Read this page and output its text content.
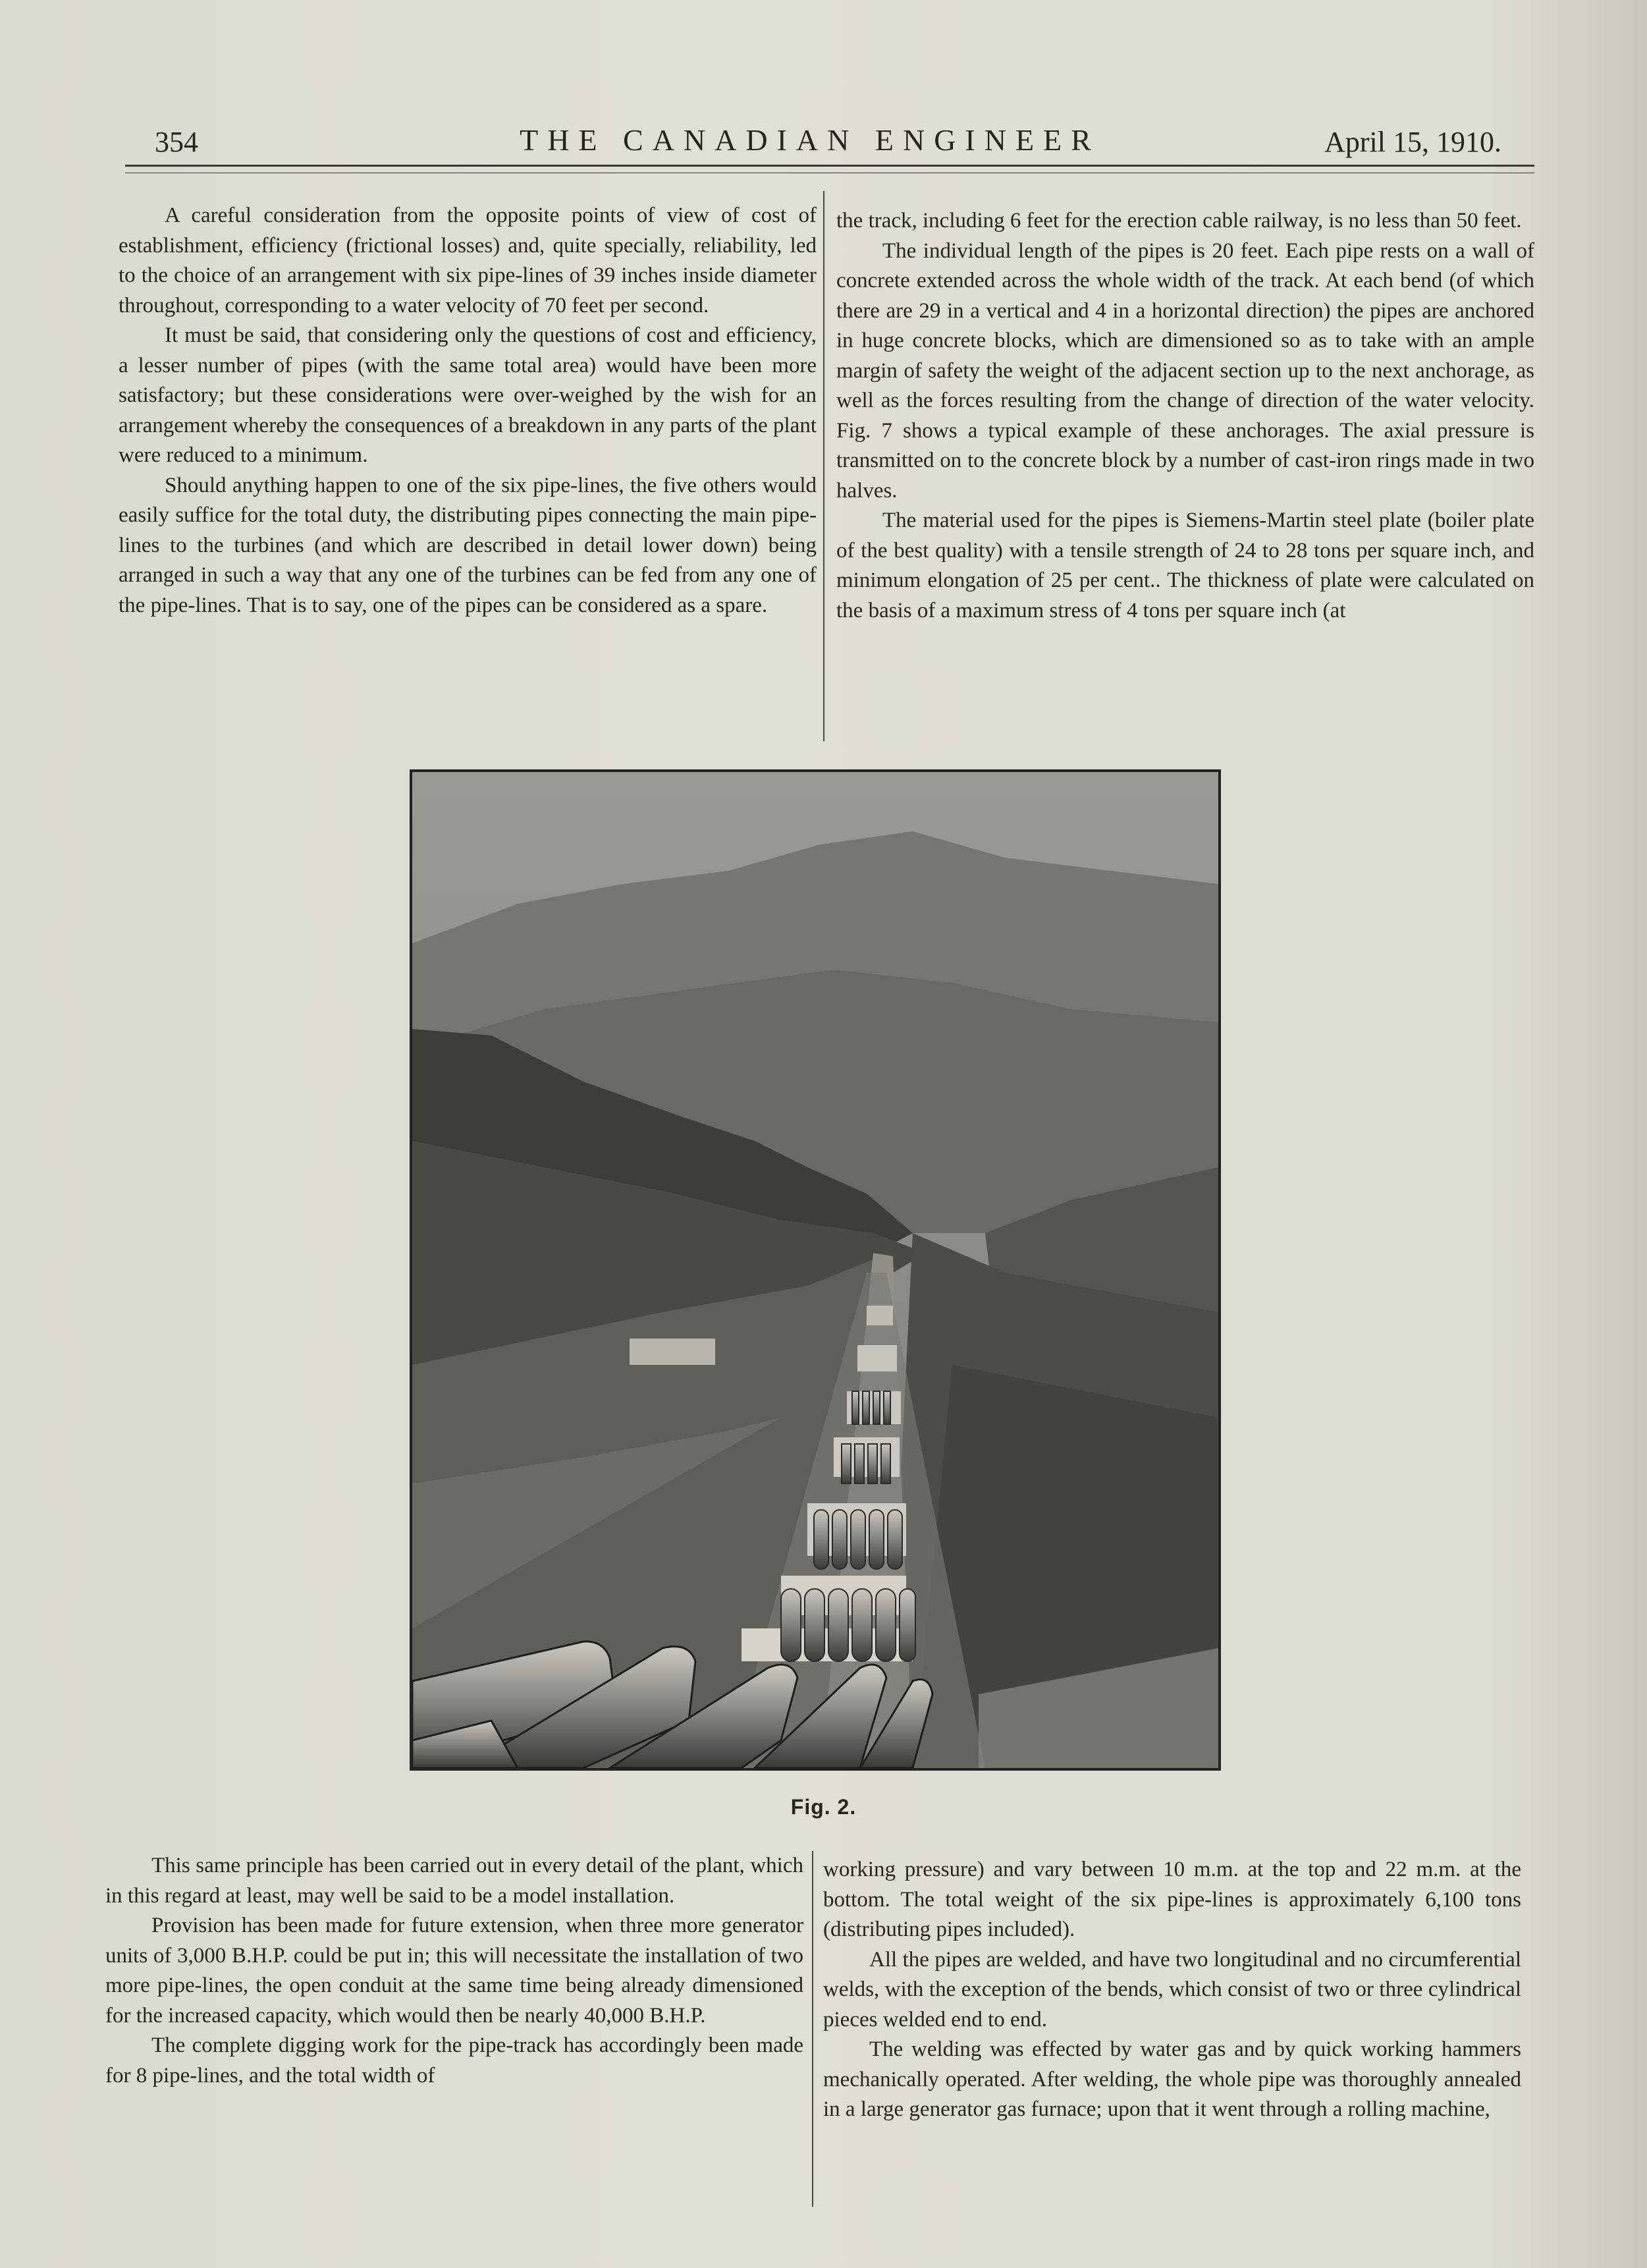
354	THE CANADIAN ENGINEER	April 15, 1910.

A careful consideration from the opposite points of view of cost of establishment, efficiency (frictional losses) and, quite specially, reliability, led to the choice of an arrangement with six pipe-lines of 39 inches inside diameter throughout, corresponding to a water velocity of 70 feet per second.

It must be said, that considering only the questions of cost and efficiency, a lesser number of pipes (with the same total area) would have been more satisfactory; but these considerations were over-weighed by the wish for an arrangement whereby the consequences of a breakdown in any parts of the plant were reduced to a minimum.

Should anything happen to one of the six pipe-lines, the five others would easily suffice for the total duty, the distributing pipes connecting the main pipe-lines to the turbines (and which are described in detail lower down) being arranged in such a way that any one of the turbines can be fed from any one of the pipe-lines. That is to say, one of the pipes can be considered as a spare.

the track, including 6 feet for the erection cable railway, is no less than 50 feet.

The individual length of the pipes is 20 feet. Each pipe rests on a wall of concrete extended across the whole width of the track. At each bend (of which there are 29 in a vertical and 4 in a horizontal direction) the pipes are anchored in huge concrete blocks, which are dimensioned so as to take with an ample margin of safety the weight of the adjacent section up to the next anchorage, as well as the forces resulting from the change of direction of the water velocity. Fig. 7 shows a typical example of these anchorages. The axial pressure is transmitted on to the concrete block by a number of cast-iron rings made in two halves.

The material used for the pipes is Siemens-Martin steel plate (boiler plate of the best quality) with a tensile strength of 24 to 28 tons per square inch, and minimum elongation of 25 per cent.. The thickness of plate were calculated on the basis of a maximum stress of 4 tons per square inch (at

Fig. 2.

This same principle has been carried out in every detail of the plant, which in this regard at least, may well be said to be a model installation.

Provision has been made for future extension, when three more generator units of 3,000 B.H.P. could be put in; this will necessitate the installation of two more pipe-lines, the open conduit at the same time being already dimensioned for the increased capacity, which would then be nearly 40,000 B.H.P.

The complete digging work for the pipe-track has accordingly been made for 8 pipe-lines, and the total width of

working pressure) and vary between 10 m.m. at the top and 22 m.m. at the bottom. The total weight of the six pipe-lines is approximately 6,100 tons (distributing pipes included).

All the pipes are welded, and have two longitudinal and no circumferential welds, with the exception of the bends, which consist of two or three cylindrical pieces welded end to end.

The welding was effected by water gas and by quick working hammers mechanically operated. After welding, the whole pipe was thoroughly annealed in a large generator gas furnace; upon that it went through a rolling machine,
